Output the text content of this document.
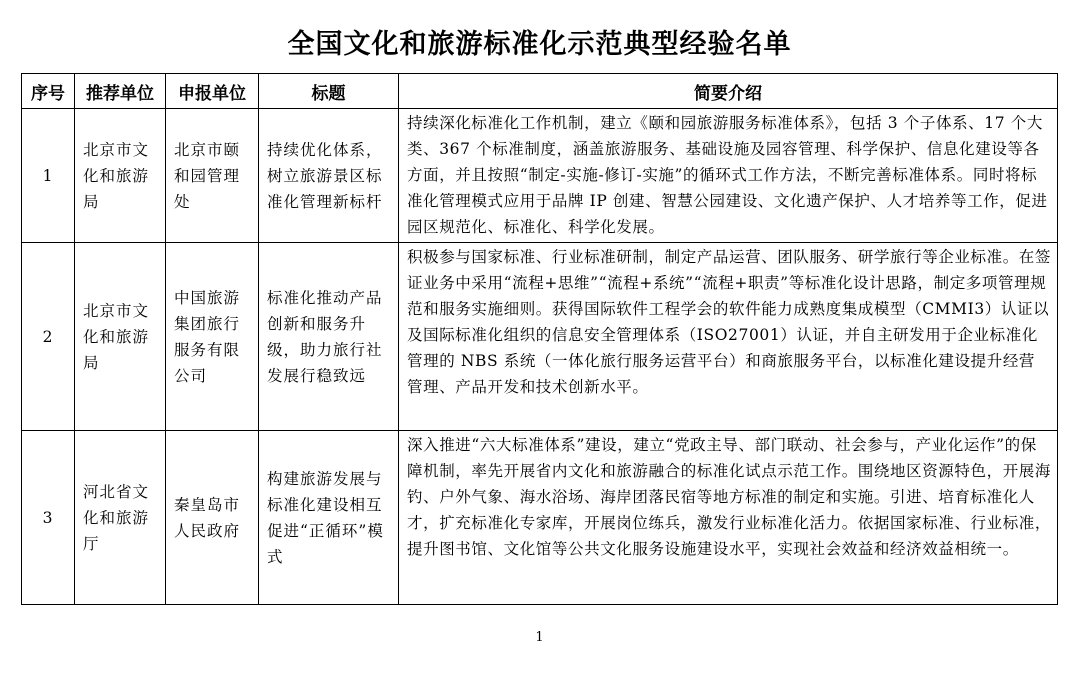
全国文化和旅游标准化示范典型经验名单
序号	推荐单位	申报单位	标题	简要介绍
1	北京市文化和旅游局	北京市颐和园管理处	持续优化体系，树立旅游景区标准化管理新标杆	持续深化标准化工作机制，建立《颐和园旅游服务标准体系》，包括 3 个子体系、17 个大类、367 个标准制度，涵盖旅游服务、基础设施及园容管理、科学保护、信息化建设等各方面，并且按照“制定-实施-修订-实施”的循环式工作方法，不断完善标准体系。同时将标准化管理模式应用于品牌 IP 创建、智慧公园建设、文化遗产保护、人才培养等工作，促进园区规范化、标准化、科学化发展。
2	北京市文化和旅游局	中国旅游集团旅行服务有限公司	标准化推动产品创新和服务升级，助力旅行社发展行稳致远	积极参与国家标准、行业标准研制，制定产品运营、团队服务、研学旅行等企业标准。在签证业务中采用“流程+思维”“流程+系统”“流程+职责”等标准化设计思路，制定多项管理规范和服务实施细则。获得国际软件工程学会的软件能力成熟度集成模型（CMMI3）认证以及国际标准化组织的信息安全管理体系（ISO27001）认证，并自主研发用于企业标准化管理的 NBS 系统（一体化旅行服务运营平台）和商旅服务平台，以标准化建设提升经营管理、产品开发和技术创新水平。
3	河北省文化和旅游厅	秦皇岛市人民政府	构建旅游发展与标准化建设相互促进“正循环”模式	深入推进“六大标准体系”建设，建立“党政主导、部门联动、社会参与，产业化运作”的保障机制，率先开展省内文化和旅游融合的标准化试点示范工作。围绕地区资源特色，开展海钓、户外气象、海水浴场、海岸团落民宿等地方标准的制定和实施。引进、培育标准化人才，扩充标准化专家库，开展岗位练兵，激发行业标准化活力。依据国家标准、行业标准，提升图书馆、文化馆等公共文化服务设施建设水平，实现社会效益和经济效益相统一。
1
